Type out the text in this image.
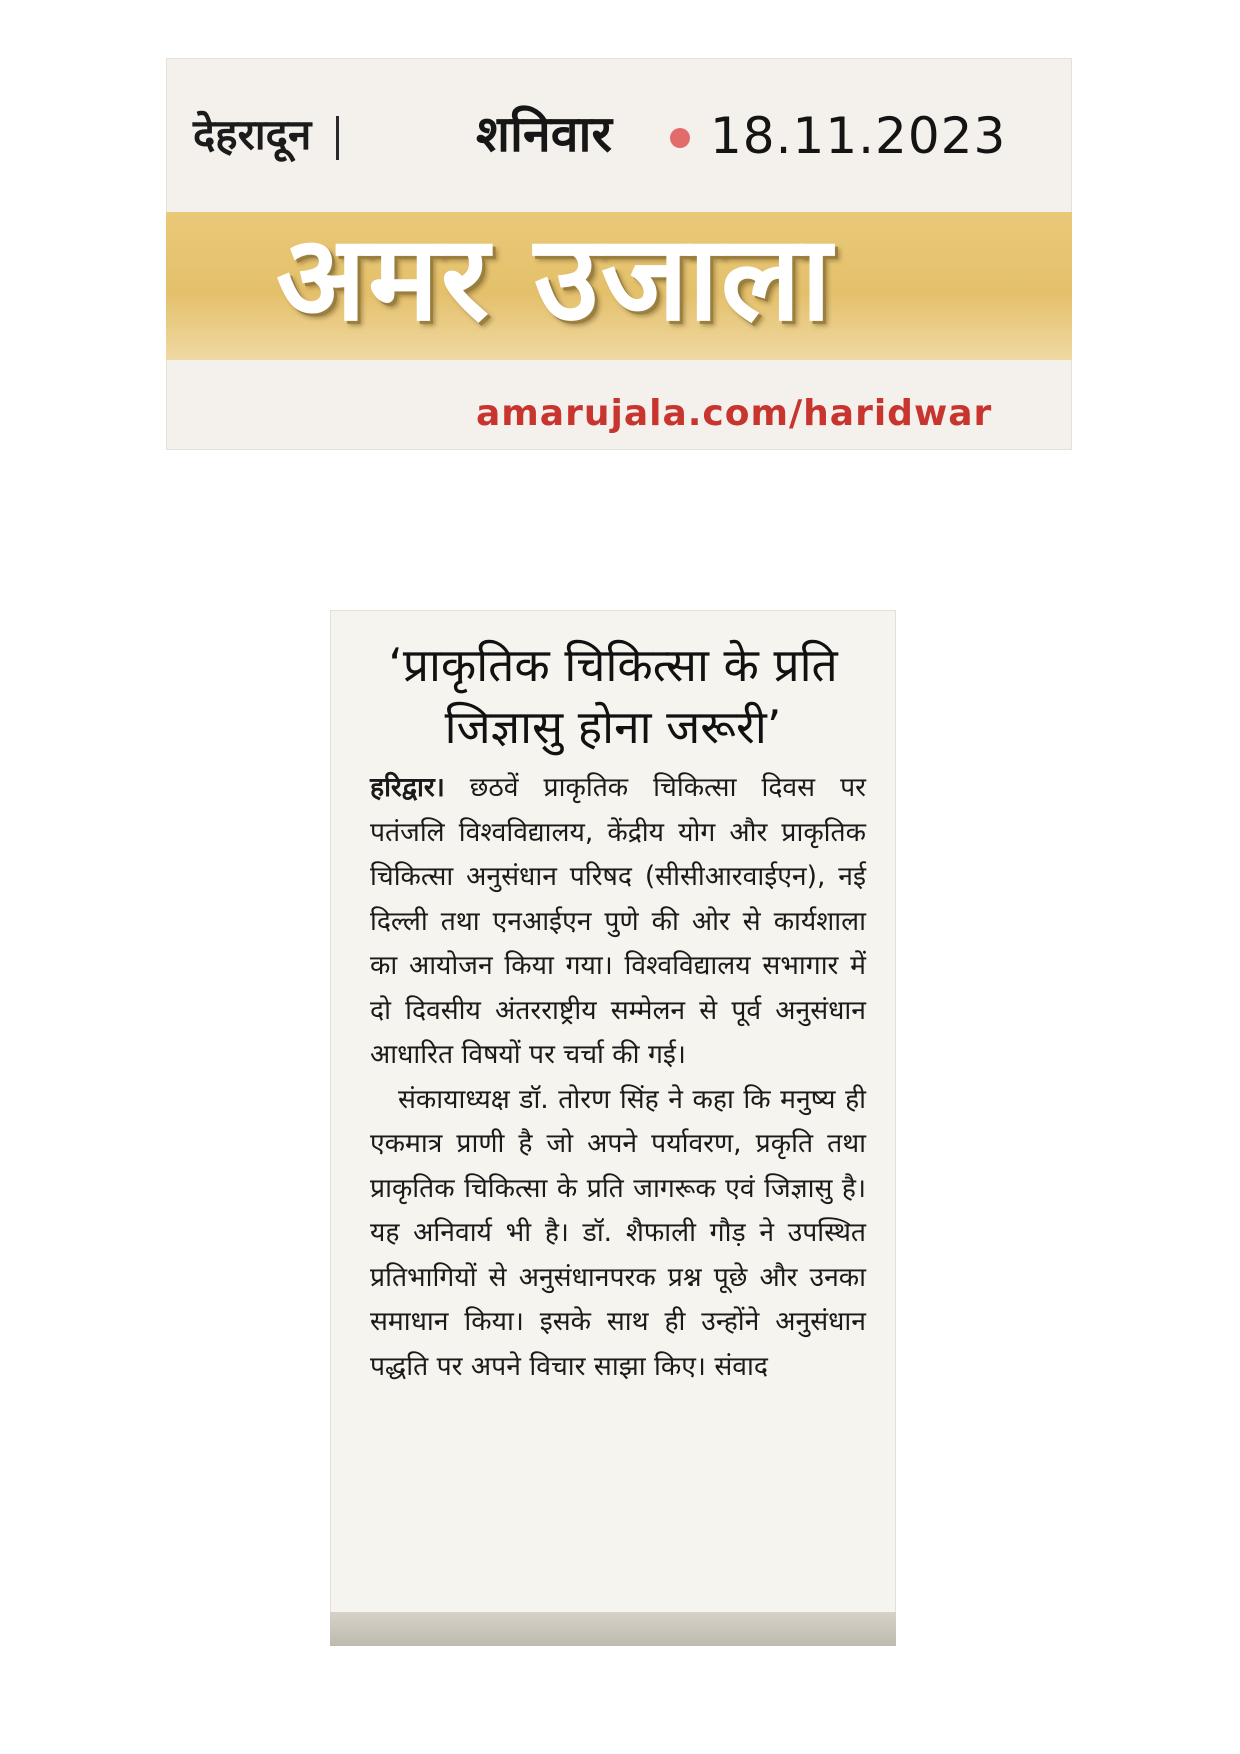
देहरादून	शनिवार 18.11.2023
अमर उजाला
amarujala.com/haridwar
‘प्राकृतिक चिकित्सा के प्रति जिज्ञासु होना जरूरी’

हरिद्वार। छठवें प्राकृतिक चिकित्सा दिवस पर पतंजलि विश्वविद्यालय, केंद्रीय योग और प्राकृतिक चिकित्सा अनुसंधान परिषद (सीसीआरवाईएन), नई दिल्ली तथा एनआईएन पुणे की ओर से कार्यशाला का आयोजन किया गया। विश्वविद्यालय सभागार में दो दिवसीय अंतरराष्ट्रीय सम्मेलन से पूर्व अनुसंधान आधारित विषयों पर चर्चा की गई।

संकायाध्यक्ष डॉ. तोरण सिंह ने कहा कि मनुष्य ही एकमात्र प्राणी है जो अपने पर्यावरण, प्रकृति तथा प्राकृतिक चिकित्सा के प्रति जागरूक एवं जिज्ञासु है। यह अनिवार्य भी है। डॉ. शैफाली गौड़ ने उपस्थित प्रतिभागियों से अनुसंधानपरक प्रश्न पूछे और उनका समाधान किया। इसके साथ ही उन्होंने अनुसंधान पद्धति पर अपने विचार साझा किए। संवाद
